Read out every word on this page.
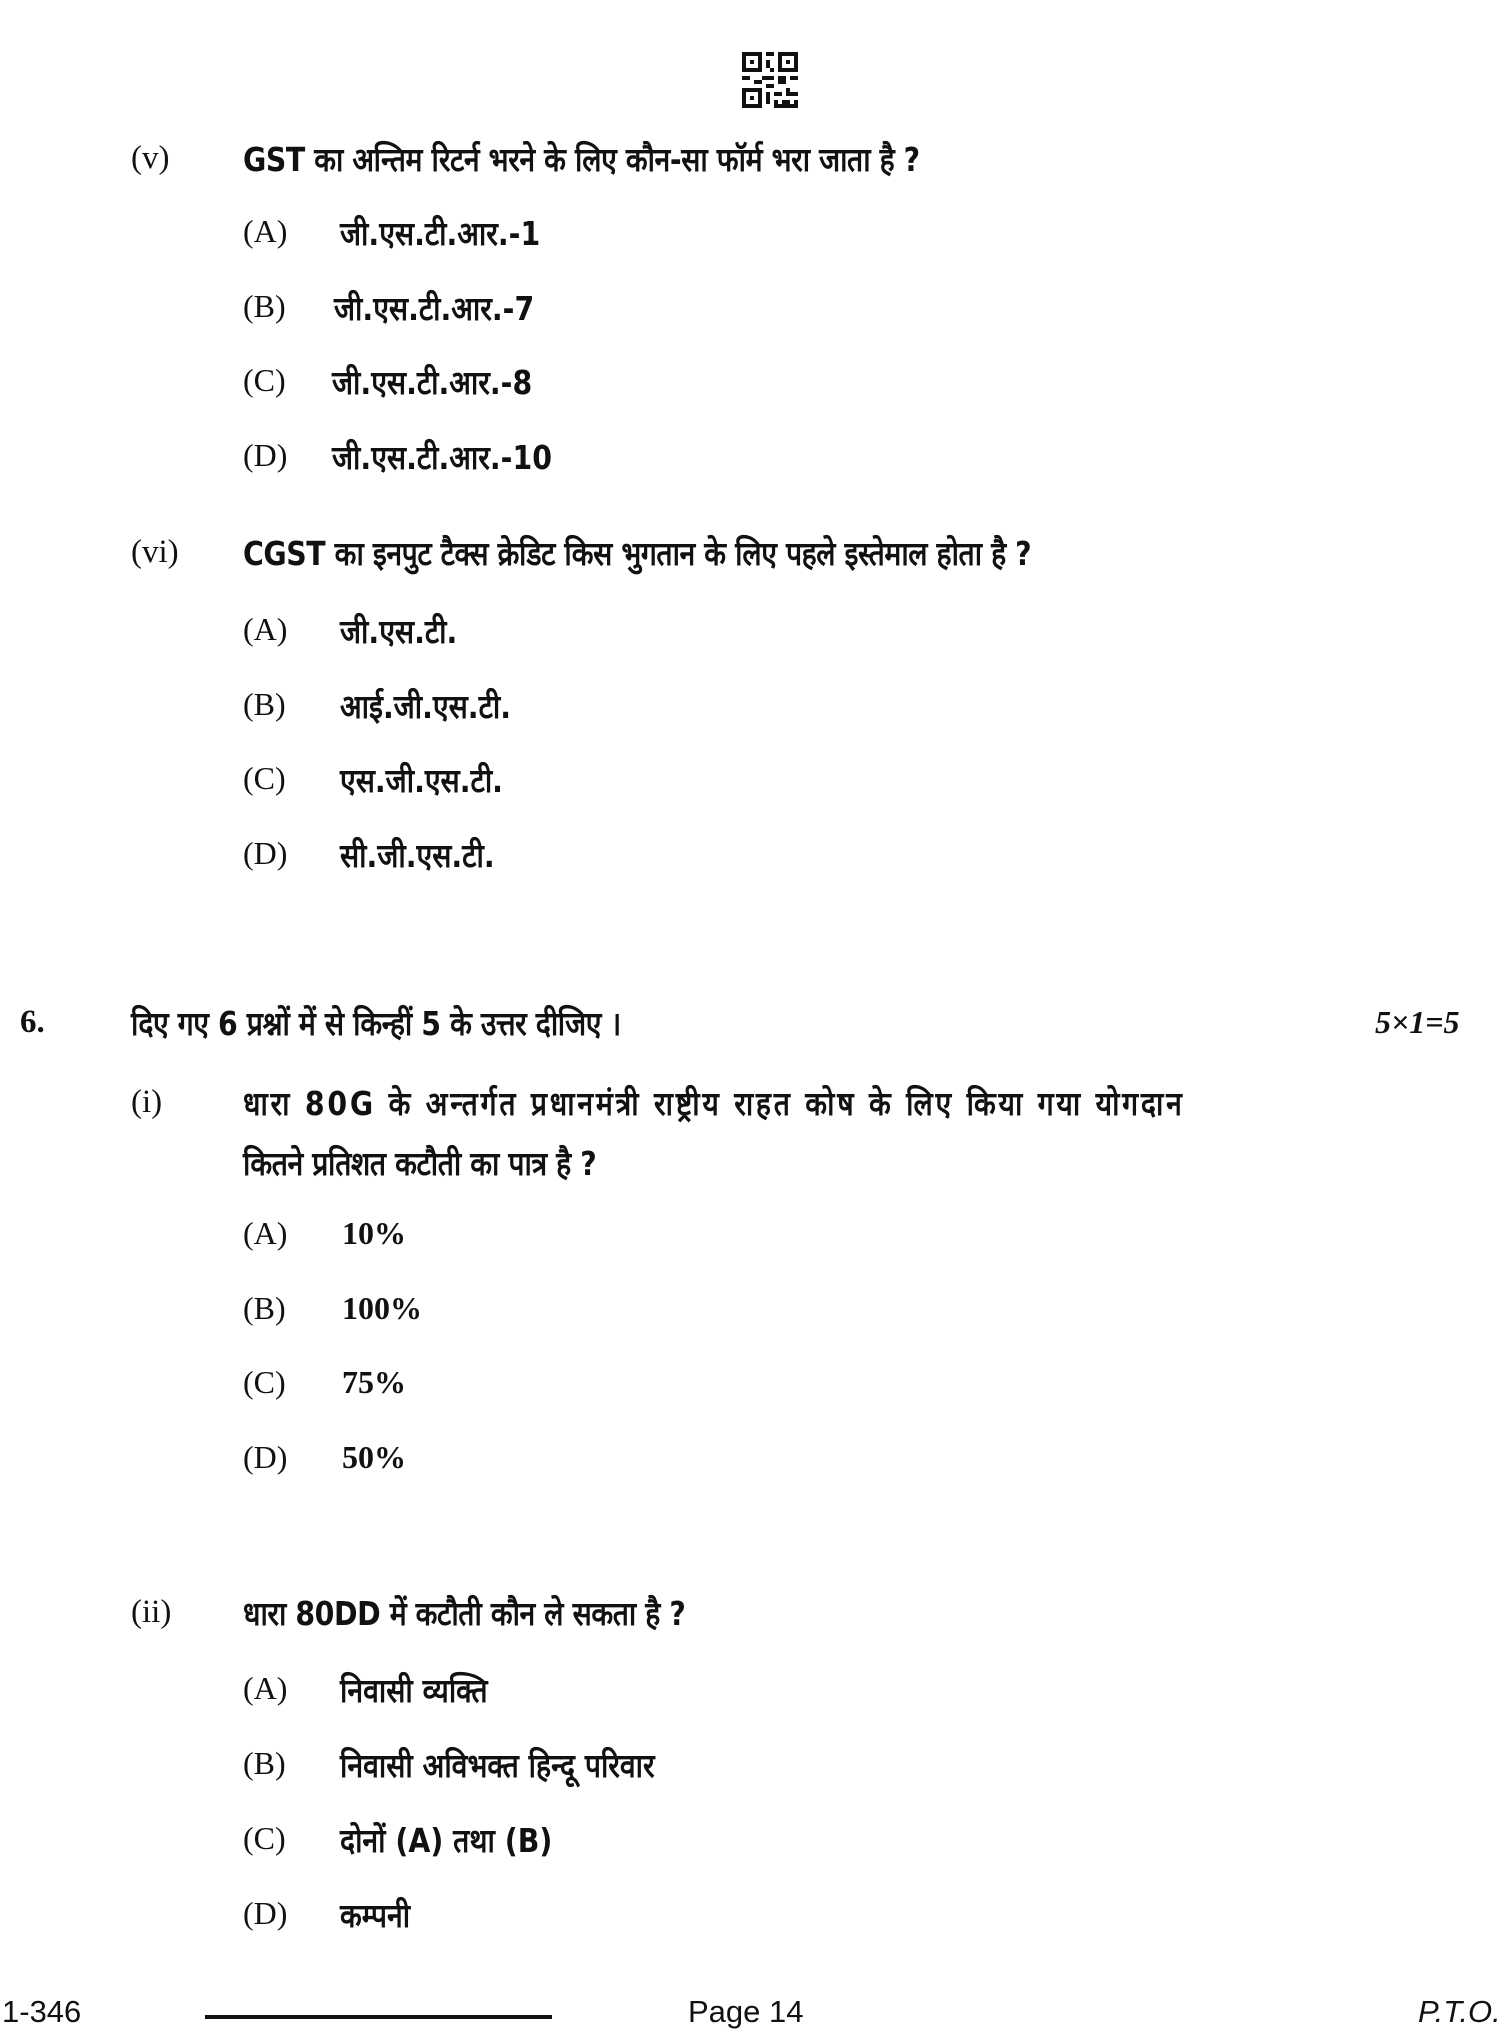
(v) GST का अन्तिम रिटर्न भरने के लिए कौन-सा फॉर्म भरा जाता है ?
(A) जी.एस.टी.आर.-1
(B) जी.एस.टी.आर.-7
(C) जी.एस.टी.आर.-8
(D) जी.एस.टी.आर.-10
(vi) CGST का इनपुट टैक्स क्रेडिट किस भुगतान के लिए पहले इस्तेमाल होता है ?
(A) जी.एस.टी.
(B) आई.जी.एस.टी.
(C) एस.जी.एस.टी.
(D) सी.जी.एस.टी.
6.	दिए गए 6 प्रश्नों में से किन्हीं 5 के उत्तर दीजिए ।	5×1=5
(i) धारा 80G के अन्तर्गत प्रधानमंत्री राष्ट्रीय राहत कोष के लिए किया गया योगदान
कितने प्रतिशत कटौती का पात्र है ?
(A) 10%
(B) 100%
(C) 75%
(D) 50%
(ii) धारा 80DD में कटौती कौन ले सकता है ?
(A) निवासी व्यक्ति
(B) निवासी अविभक्त हिन्दू परिवार
(C) दोनों (A) तथा (B)
(D) कम्पनी
1-346	Page 14	P.T.O.
